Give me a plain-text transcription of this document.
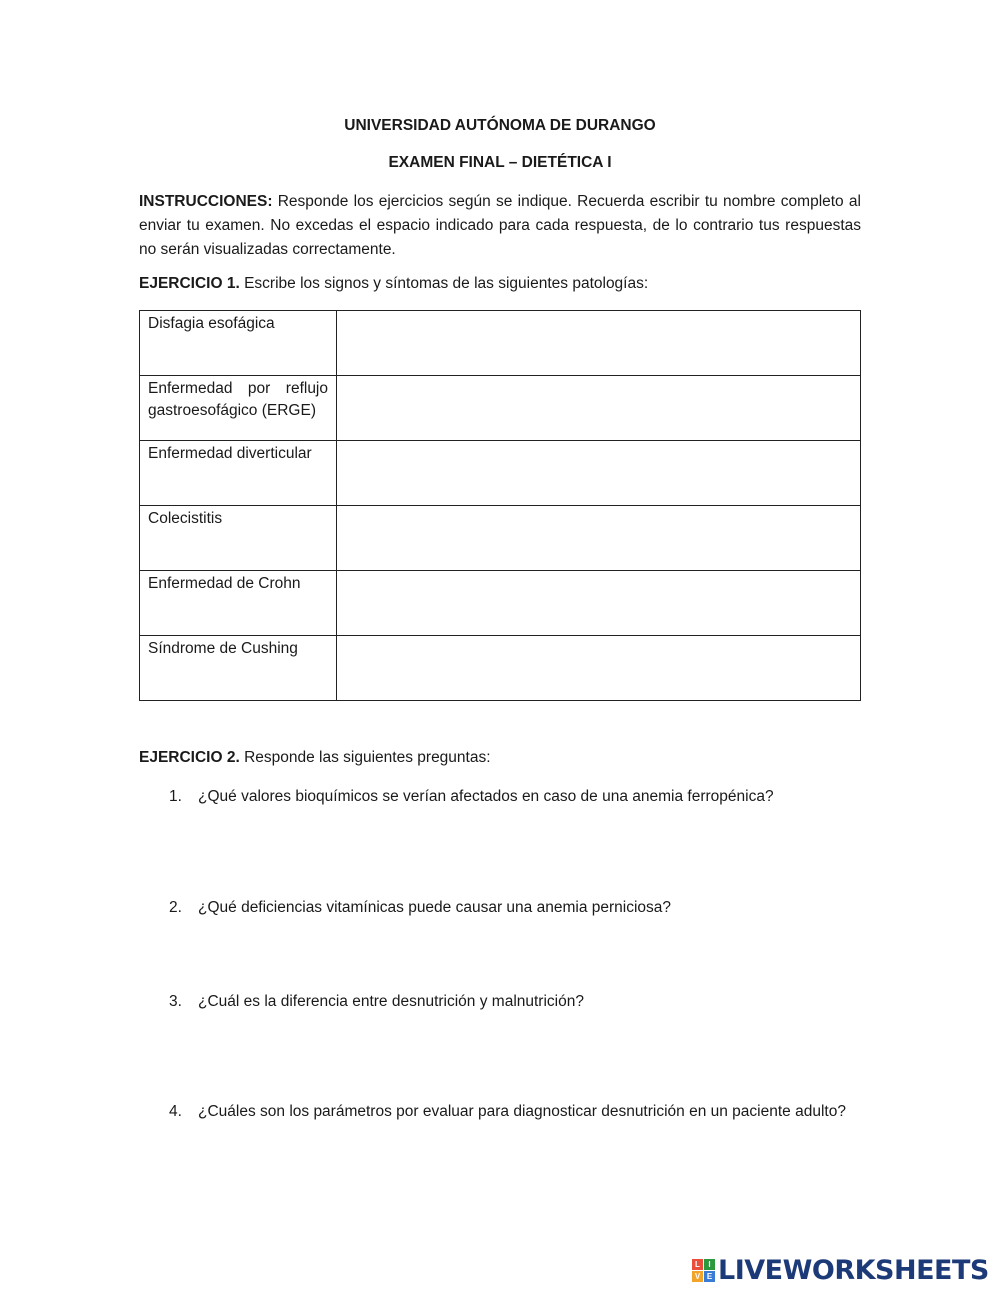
UNIVERSIDAD AUTÓNOMA DE DURANGO
EXAMEN FINAL – DIETÉTICA I

INSTRUCCIONES: Responde los ejercicios según se indique. Recuerda escribir tu nombre completo al enviar tu examen. No excedas el espacio indicado para cada respuesta, de lo contrario tus respuestas no serán visualizadas correctamente.

EJERCICIO 1. Escribe los signos y síntomas de las siguientes patologías:

Disfagia esofágica	
Enfermedad por reflujo gastroesofágico (ERGE)	
Enfermedad diverticular	
Colecistitis	
Enfermedad de Crohn	
Síndrome de Cushing	

EJERCICIO 2. Responde las siguientes preguntas:

1. ¿Qué valores bioquímicos se verían afectados en caso de una anemia ferropénica?
2. ¿Qué deficiencias vitamínicas puede causar una anemia perniciosa?
3. ¿Cuál es la diferencia entre desnutrición y malnutrición?
4. ¿Cuáles son los parámetros por evaluar para diagnosticar desnutrición en un paciente adulto?
L	I
V E LIVEWORKSHEETS
